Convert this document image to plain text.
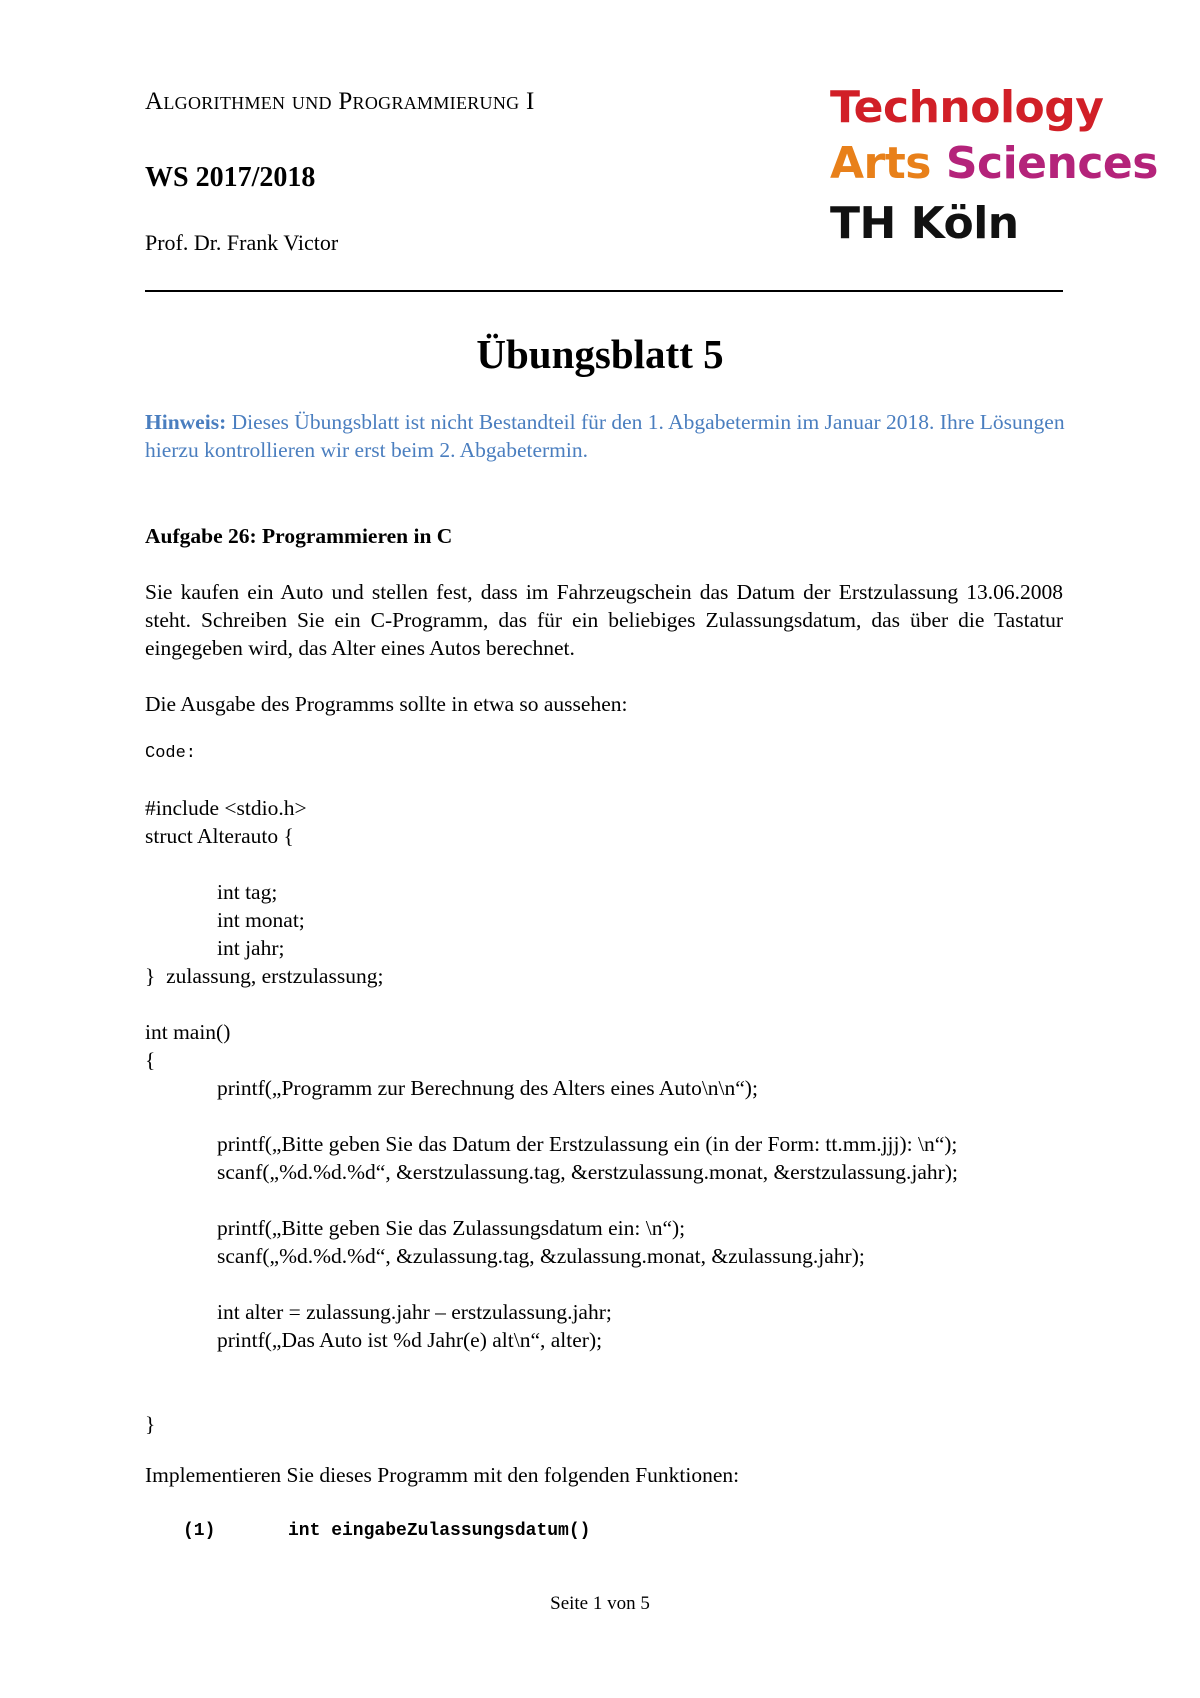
Algorithmen und Programmierung I
WS 2017/2018
Prof. Dr. Frank Victor
Technology
Arts Sciences
TH Köln
Übungsblatt 5
Hinweis: Dieses Übungsblatt ist nicht Bestandteil für den 1. Abgabetermin im Januar 2018. Ihre Lösungen hierzu kontrollieren wir erst beim 2. Abgabetermin.
Aufgabe 26: Programmieren in C
Sie kaufen ein Auto und stellen fest, dass im Fahrzeugschein das Datum der Erstzulassung 13.06.2008 steht. Schreiben Sie ein C-Programm, das für ein beliebiges Zulassungsdatum, das über die Tastatur eingegeben wird, das Alter eines Autos berechnet.
Die Ausgabe des Programms sollte in etwa so aussehen:
Code:
#include <stdio.h>
struct Alterauto {
int tag;
int monat;
int jahr;
}  zulassung, erstzulassung;
int main()
{
printf(„Programm zur Berechnung des Alters eines Auto\n\n“);
printf(„Bitte geben Sie das Datum der Erstzulassung ein (in der Form: tt.mm.jjj): \n“);
scanf(„%d.%d.%d“, &erstzulassung.tag, &erstzulassung.monat, &erstzulassung.jahr);
printf(„Bitte geben Sie das Zulassungsdatum ein: \n“);
scanf(„%d.%d.%d“, &zulassung.tag, &zulassung.monat, &zulassung.jahr);
int alter = zulassung.jahr – erstzulassung.jahr;
printf(„Das Auto ist %d Jahr(e) alt\n“, alter);
}
Implementieren Sie dieses Programm mit den folgenden Funktionen:
(1)	int eingabeZulassungsdatum()
Seite 1 von 5
